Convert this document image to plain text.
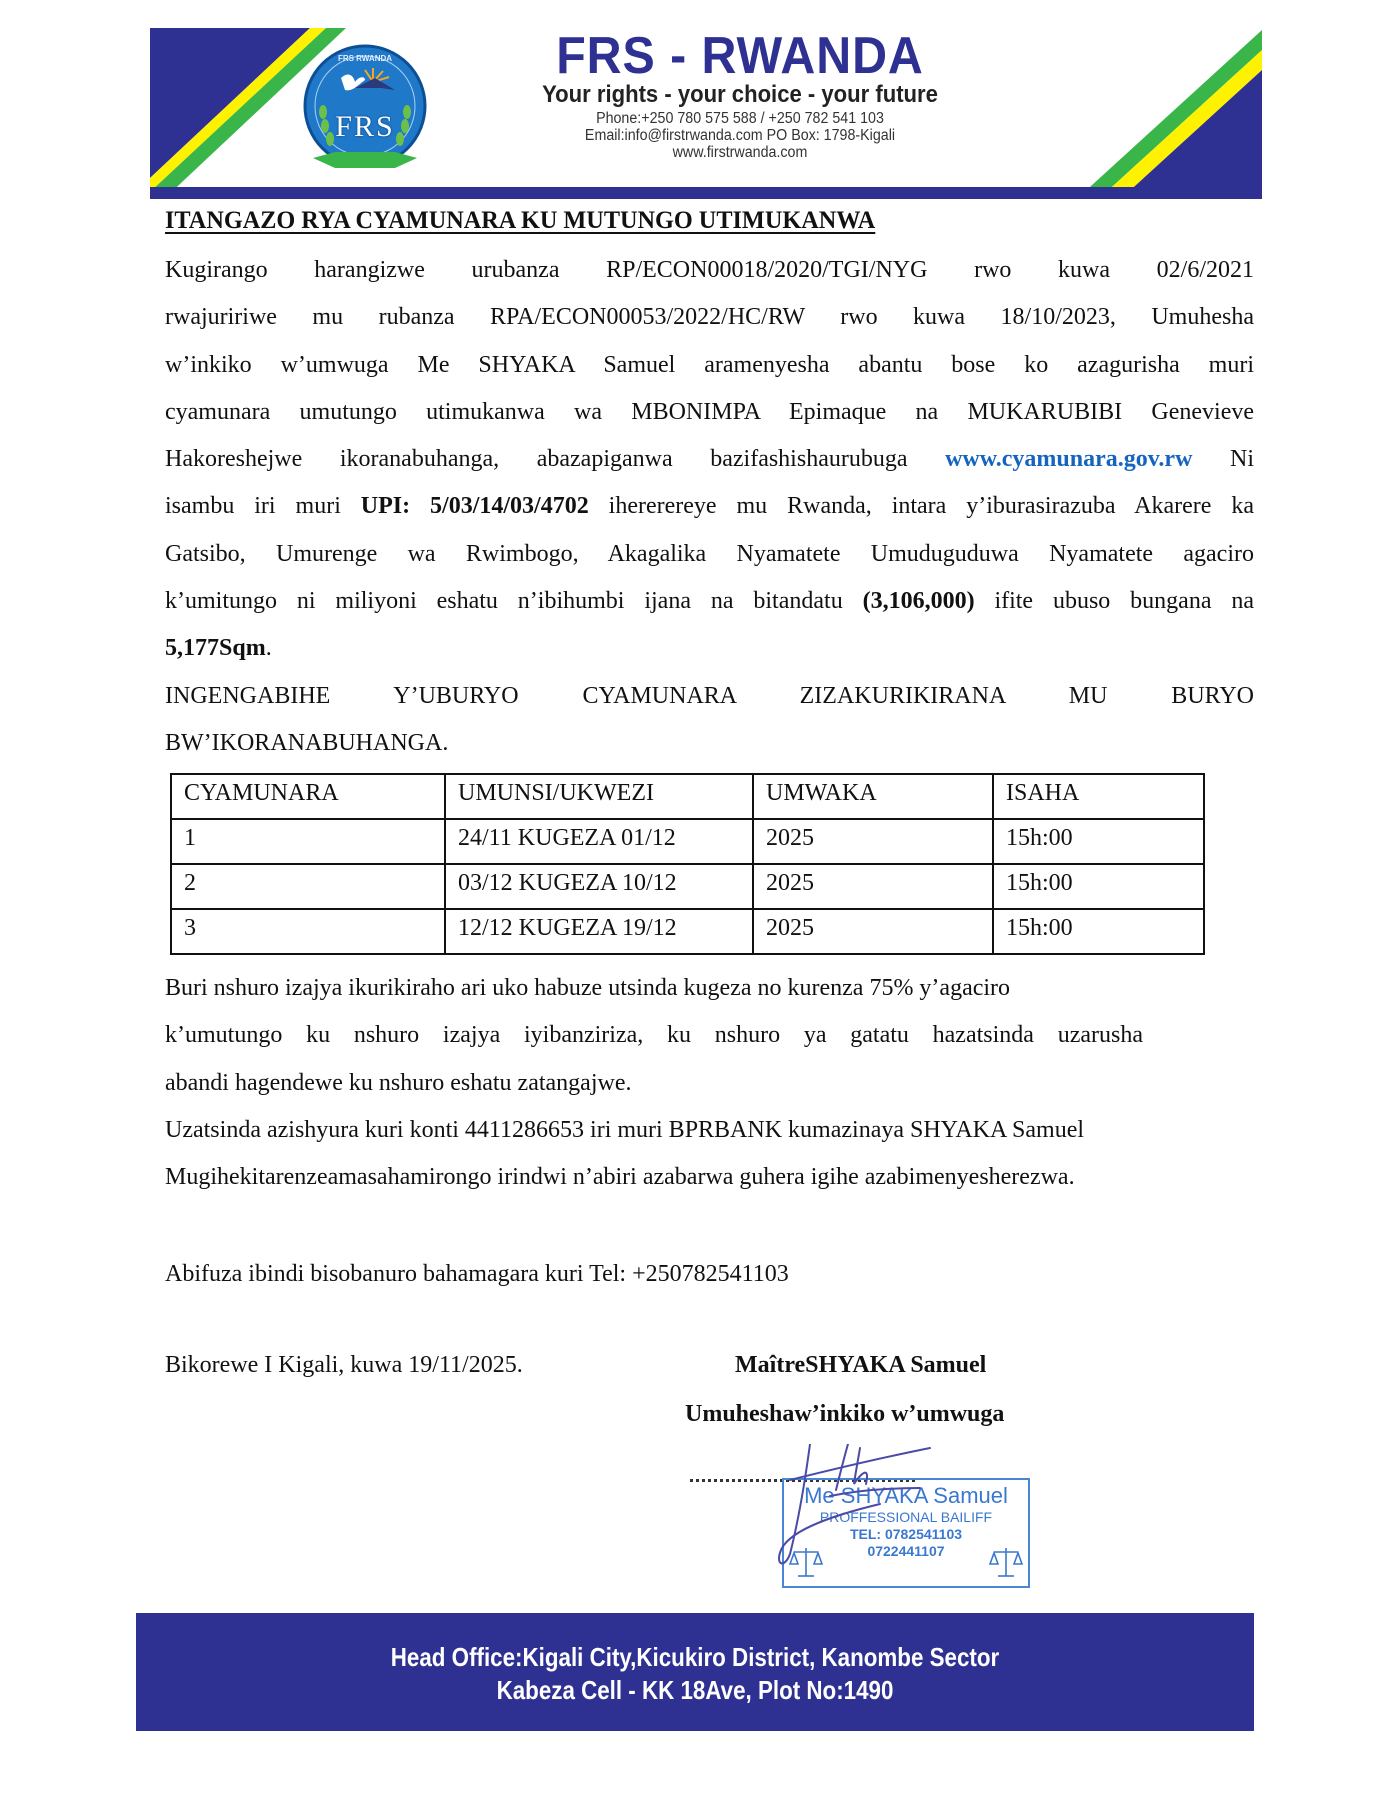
FRS RWANDA
FRS
FRS - RWANDA
Your rights - your choice - your future
Phone:+250 780 575 588 / +250 782 541 103
Email:info@firstrwanda.com PO Box: 1798-Kigali
www.firstrwanda.com
ITANGAZO RYA CYAMUNARA KU MUTUNGO UTIMUKANWA
Kugirango harangizwe urubanza RP/ECON00018/2020/TGI/NYG rwo kuwa 02/6/2021
rwajuririwe mu rubanza RPA/ECON00053/2022/HC/RW rwo kuwa 18/10/2023, Umuhesha
w’inkiko w’umwuga Me SHYAKA Samuel aramenyesha abantu bose ko azagurisha muri
cyamunara umutungo utimukanwa wa MBONIMPA Epimaque na MUKARUBIBI Genevieve
Hakoreshejwe ikoranabuhanga, abazapiganwa bazifashishaurubuga www.cyamunara.gov.rw Ni
isambu iri muri UPI: 5/03/14/03/4702 ihererereye mu Rwanda, intara y’iburasirazuba Akarere ka
Gatsibo, Umurenge wa Rwimbogo, Akagalika Nyamatete Umuduguduwa Nyamatete agaciro
k’umitungo ni miliyoni eshatu n’ibihumbi ijana na bitandatu (3,106,000) ifite ubuso bungana na
5,177Sqm.
INGENGABIHE Y’UBURYO CYAMUNARA ZIZAKURIKIRANA MU BURYO
BW’IKORANABUHANGA.
CYAMUNARA	UMUNSI/UKWEZI	UMWAKA	ISAHA
1	24/11 KUGEZA 01/12	2025	15h:00
2	03/12 KUGEZA 10/12	2025	15h:00
3	12/12 KUGEZA 19/12	2025	15h:00
Buri nshuro izajya ikurikiraho ari uko habuze utsinda kugeza no kurenza 75% y’agaciro
k’umutungo ku nshuro izajya iyibanziriza, ku nshuro ya gatatu hazatsinda uzarusha
abandi hagendewe ku nshuro eshatu zatangajwe.
Uzatsinda azishyura kuri konti 4411286653 iri muri BPRBANK kumazinaya SHYAKA Samuel
Mugihekitarenzeamasahamirongo irindwi n’abiri azabarwa guhera igihe azabimenyesherezwa.
Abifuza ibindi bisobanuro bahamagara kuri Tel: +250782541103
Bikorewe I Kigali, kuwa 19/11/2025.	MaîtreSHYAKA Samuel
Umuheshaw’inkiko w’umwuga
Me SHYAKA Samuel
PROFFESSIONAL BAILIFF
TEL: 0782541103
0722441107
Head Office:Kigali City,Kicukiro District, Kanombe Sector
Kabeza Cell - KK 18Ave, Plot No:1490
